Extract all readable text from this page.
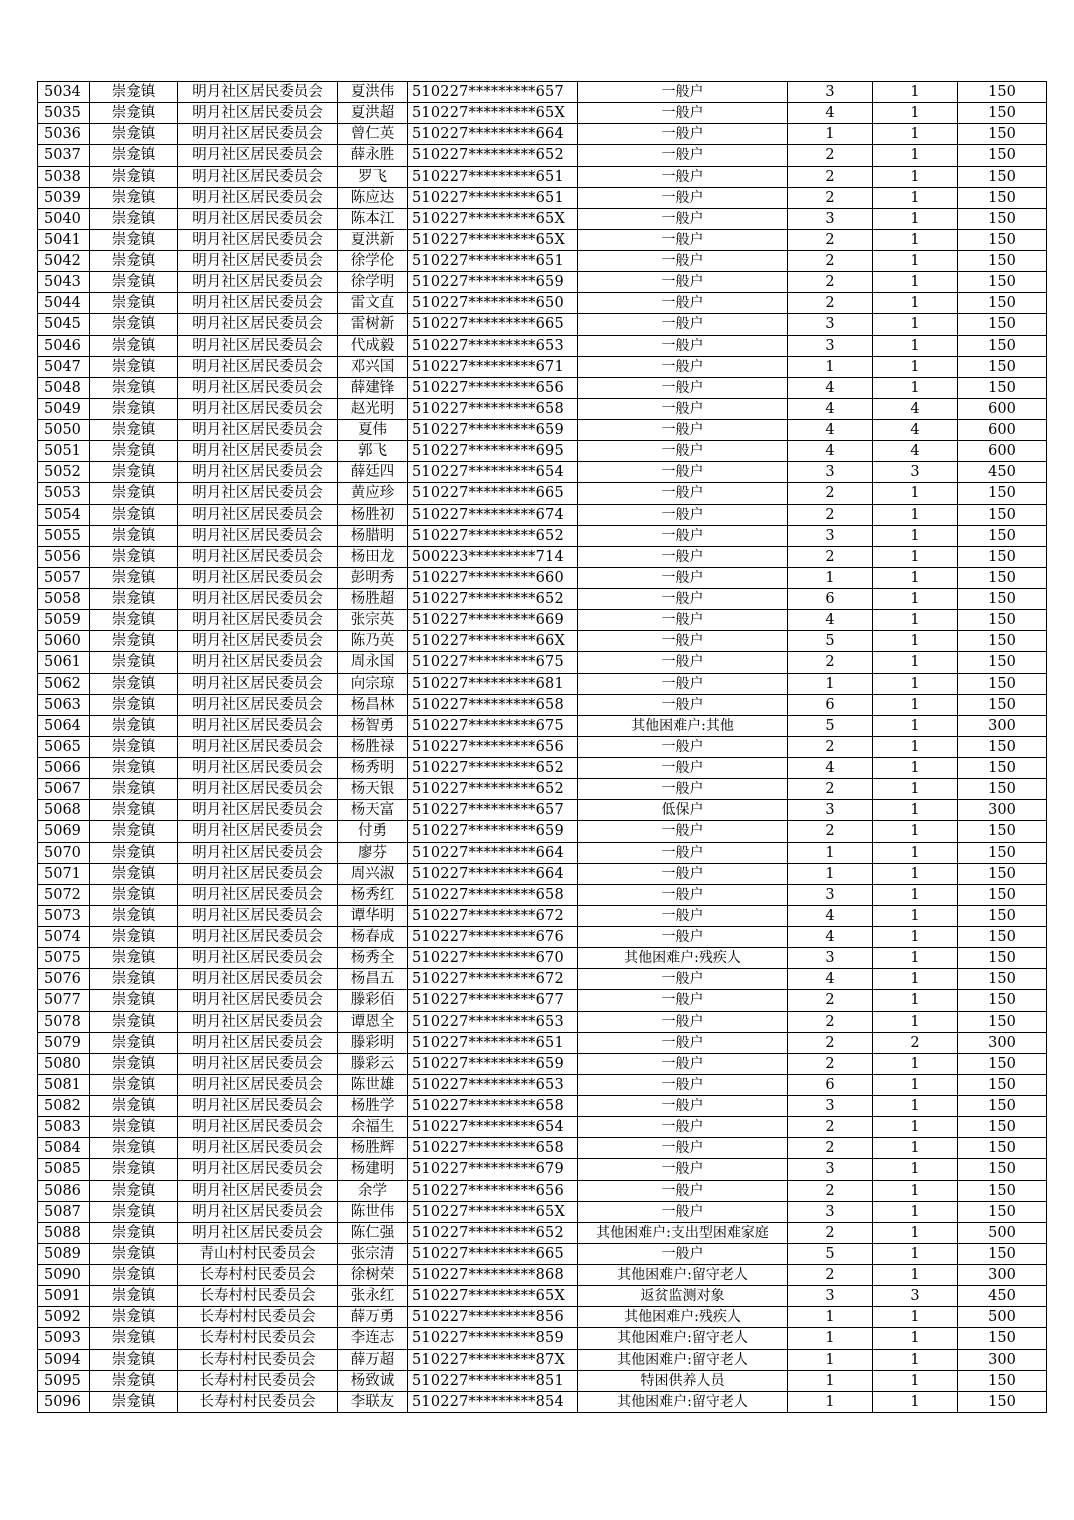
5034	崇龛镇	明月社区居民委员会	夏洪伟	510227*********657	一般户	3	1	150
5035	崇龛镇	明月社区居民委员会	夏洪超	510227*********65X	一般户	4	1	150
5036	崇龛镇	明月社区居民委员会	曾仁英	510227*********664	一般户	1	1	150
5037	崇龛镇	明月社区居民委员会	薛永胜	510227*********652	一般户	2	1	150
5038	崇龛镇	明月社区居民委员会	罗飞	510227*********651	一般户	2	1	150
5039	崇龛镇	明月社区居民委员会	陈应达	510227*********651	一般户	2	1	150
5040	崇龛镇	明月社区居民委员会	陈本江	510227*********65X	一般户	3	1	150
5041	崇龛镇	明月社区居民委员会	夏洪新	510227*********65X	一般户	2	1	150
5042	崇龛镇	明月社区居民委员会	徐学伦	510227*********651	一般户	2	1	150
5043	崇龛镇	明月社区居民委员会	徐学明	510227*********659	一般户	2	1	150
5044	崇龛镇	明月社区居民委员会	雷文直	510227*********650	一般户	2	1	150
5045	崇龛镇	明月社区居民委员会	雷树新	510227*********665	一般户	3	1	150
5046	崇龛镇	明月社区居民委员会	代成毅	510227*********653	一般户	3	1	150
5047	崇龛镇	明月社区居民委员会	邓兴国	510227*********671	一般户	1	1	150
5048	崇龛镇	明月社区居民委员会	薛建锋	510227*********656	一般户	4	1	150
5049	崇龛镇	明月社区居民委员会	赵光明	510227*********658	一般户	4	4	600
5050	崇龛镇	明月社区居民委员会	夏伟	510227*********659	一般户	4	4	600
5051	崇龛镇	明月社区居民委员会	郭飞	510227*********695	一般户	4	4	600
5052	崇龛镇	明月社区居民委员会	薛廷四	510227*********654	一般户	3	3	450
5053	崇龛镇	明月社区居民委员会	黄应珍	510227*********665	一般户	2	1	150
5054	崇龛镇	明月社区居民委员会	杨胜初	510227*********674	一般户	2	1	150
5055	崇龛镇	明月社区居民委员会	杨腊明	510227*********652	一般户	3	1	150
5056	崇龛镇	明月社区居民委员会	杨田龙	500223*********714	一般户	2	1	150
5057	崇龛镇	明月社区居民委员会	彭明秀	510227*********660	一般户	1	1	150
5058	崇龛镇	明月社区居民委员会	杨胜超	510227*********652	一般户	6	1	150
5059	崇龛镇	明月社区居民委员会	张宗英	510227*********669	一般户	4	1	150
5060	崇龛镇	明月社区居民委员会	陈乃英	510227*********66X	一般户	5	1	150
5061	崇龛镇	明月社区居民委员会	周永国	510227*********675	一般户	2	1	150
5062	崇龛镇	明月社区居民委员会	向宗琼	510227*********681	一般户	1	1	150
5063	崇龛镇	明月社区居民委员会	杨昌林	510227*********658	一般户	6	1	150
5064	崇龛镇	明月社区居民委员会	杨智勇	510227*********675	其他困难户:其他	5	1	300
5065	崇龛镇	明月社区居民委员会	杨胜禄	510227*********656	一般户	2	1	150
5066	崇龛镇	明月社区居民委员会	杨秀明	510227*********652	一般户	4	1	150
5067	崇龛镇	明月社区居民委员会	杨天银	510227*********652	一般户	2	1	150
5068	崇龛镇	明月社区居民委员会	杨天富	510227*********657	低保户	3	1	300
5069	崇龛镇	明月社区居民委员会	付勇	510227*********659	一般户	2	1	150
5070	崇龛镇	明月社区居民委员会	廖芬	510227*********664	一般户	1	1	150
5071	崇龛镇	明月社区居民委员会	周兴淑	510227*********664	一般户	1	1	150
5072	崇龛镇	明月社区居民委员会	杨秀红	510227*********658	一般户	3	1	150
5073	崇龛镇	明月社区居民委员会	谭华明	510227*********672	一般户	4	1	150
5074	崇龛镇	明月社区居民委员会	杨春成	510227*********676	一般户	4	1	150
5075	崇龛镇	明月社区居民委员会	杨秀全	510227*********670	其他困难户:残疾人	3	1	150
5076	崇龛镇	明月社区居民委员会	杨昌五	510227*********672	一般户	4	1	150
5077	崇龛镇	明月社区居民委员会	滕彩佰	510227*********677	一般户	2	1	150
5078	崇龛镇	明月社区居民委员会	谭恩全	510227*********653	一般户	2	1	150
5079	崇龛镇	明月社区居民委员会	滕彩明	510227*********651	一般户	2	2	300
5080	崇龛镇	明月社区居民委员会	滕彩云	510227*********659	一般户	2	1	150
5081	崇龛镇	明月社区居民委员会	陈世雄	510227*********653	一般户	6	1	150
5082	崇龛镇	明月社区居民委员会	杨胜学	510227*********658	一般户	3	1	150
5083	崇龛镇	明月社区居民委员会	余福生	510227*********654	一般户	2	1	150
5084	崇龛镇	明月社区居民委员会	杨胜辉	510227*********658	一般户	2	1	150
5085	崇龛镇	明月社区居民委员会	杨建明	510227*********679	一般户	3	1	150
5086	崇龛镇	明月社区居民委员会	余学	510227*********656	一般户	2	1	150
5087	崇龛镇	明月社区居民委员会	陈世伟	510227*********65X	一般户	3	1	150
5088	崇龛镇	明月社区居民委员会	陈仁强	510227*********652	其他困难户:支出型困难家庭	2	1	500
5089	崇龛镇	青山村村民委员会	张宗清	510227*********665	一般户	5	1	150
5090	崇龛镇	长寿村村民委员会	徐树荣	510227*********868	其他困难户:留守老人	2	1	300
5091	崇龛镇	长寿村村民委员会	张永红	510227*********65X	返贫监测对象	3	3	450
5092	崇龛镇	长寿村村民委员会	薛万勇	510227*********856	其他困难户:残疾人	1	1	500
5093	崇龛镇	长寿村村民委员会	李连志	510227*********859	其他困难户:留守老人	1	1	150
5094	崇龛镇	长寿村村民委员会	薛万超	510227*********87X	其他困难户:留守老人	1	1	300
5095	崇龛镇	长寿村村民委员会	杨致诚	510227*********851	特困供养人员	1	1	150
5096	崇龛镇	长寿村村民委员会	李联友	510227*********854	其他困难户:留守老人	1	1	150
